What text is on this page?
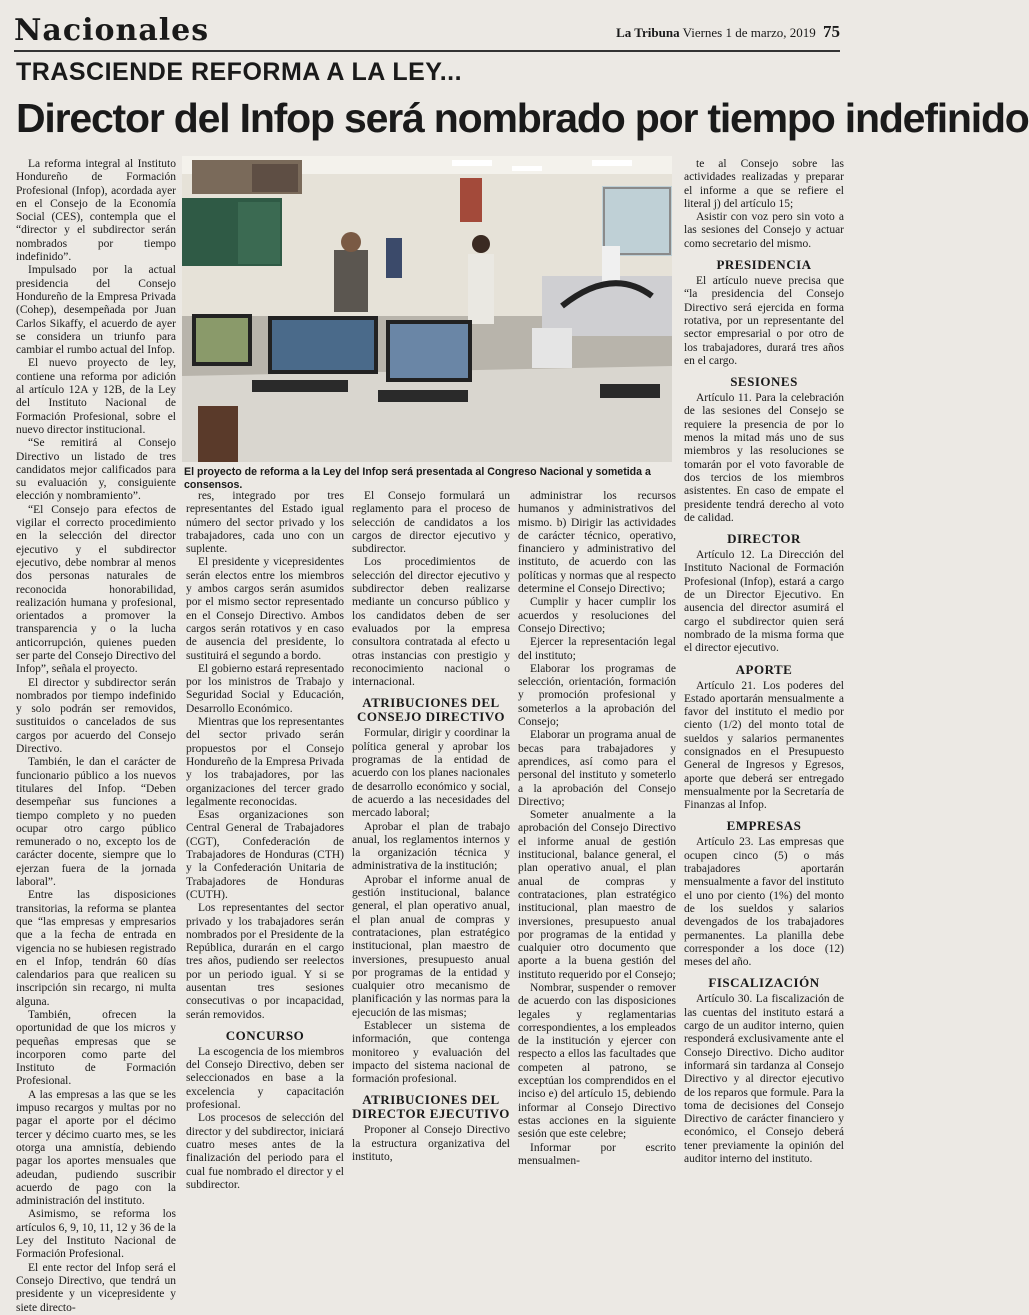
Nacionales	La Tribuna Viernes 1 de marzo, 2019 75
TRASCIENDE REFORMA A LA LEY...
Director del Infop será nombrado por tiempo indefinido

La reforma integral al Instituto Hondureño de Formación Profesional (Infop), acordada ayer en el Consejo de la Economía Social (CES), contempla que el “director y el subdirector serán nombrados por tiempo indefinido”.

Impulsado por la actual presidencia del Consejo Hondureño de la Empresa Privada (Cohep), desempeñada por Juan Carlos Sikaffy, el acuerdo de ayer se considera un triunfo para cambiar el rumbo actual del Infop.

El nuevo proyecto de ley, contiene una reforma por adición al artículo 12A y 12B, de la Ley del Instituto Nacional de Formación Profesional, sobre el nuevo director institucional.

“Se remitirá al Consejo Directivo un listado de tres candidatos mejor calificados para su evaluación y, consiguiente elección y nombramiento”.

“El Consejo para efectos de vigilar el correcto procedimiento en la selección del director ejecutivo y el subdirector ejecutivo, debe nombrar al menos dos personas naturales de reconocida honorabilidad, realización humana y profesional, orientados a promover la transparencia y o la lucha anticorrupción, quienes pueden ser parte del Consejo Directivo del Infop”, señala el proyecto.

El director y subdirector serán nombrados por tiempo indefinido y solo podrán ser removidos, sustituidos o cancelados de sus cargos por acuerdo del Consejo Directivo.

También, le dan el carácter de funcionario público a los nuevos titulares del Infop. “Deben desempeñar sus funciones a tiempo completo y no pueden ocupar otro cargo público remunerado o no, excepto los de carácter docente, siempre que lo ejerzan fuera de la jornada laboral”.

Entre las disposiciones transitorias, la reforma se plantea que “las empresas y empresarios que a la fecha de entrada en vigencia no se hubiesen registrado en el Infop, tendrán 60 días calendarios para que realicen su inscripción sin recargo, ni multa alguna.

También, ofrecen la oportunidad de que los micros y pequeñas empresas que se incorporen como parte del Instituto de Formación Profesional.

A las empresas a las que se les impuso recargos y multas por no pagar el aporte por el décimo tercer y décimo cuarto mes, se les otorga una amnistía, debiendo pagar los aportes mensuales que adeudan, pudiendo suscribir acuerdo de pago con la administración del instituto.

Asimismo, se reforma los artículos 6, 9, 10, 11, 12 y 36 de la Ley del Instituto Nacional de Formación Profesional.

El ente rector del Infop será el Consejo Directivo, que tendrá un presidente y un vicepresidente y siete directo-

El proyecto de reforma a la Ley del Infop será presentada al Congreso Nacional y sometida a consensos.

res, integrado por tres representantes del Estado igual número del sector privado y los trabajadores, cada uno con un suplente.

El presidente y vicepresidentes serán electos entre los miembros y ambos cargos serán asumidos por el mismo sector representado en el Consejo Directivo. Ambos cargos serán rotativos y en caso de ausencia del presidente, lo sustituirá el segundo a bordo.

El gobierno estará representado por los ministros de Trabajo y Seguridad Social y Educación, Desarrollo Económico.

Mientras que los representantes del sector privado serán propuestos por el Consejo Hondureño de la Empresa Privada y los trabajadores, por las organizaciones del tercer grado legalmente reconocidas.

Esas organizaciones son Central General de Trabajadores (CGT), Confederación de Trabajadores de Honduras (CTH) y la Confederación Unitaria de Trabajadores de Honduras (CUTH).

Los representantes del sector privado y los trabajadores serán nombrados por el Presidente de la República, durarán en el cargo tres años, pudiendo ser reelectos por un periodo igual. Y si se ausentan tres sesiones consecutivas o por incapacidad, serán removidos.

CONCURSO

La escogencia de los miembros del Consejo Directivo, deben ser seleccionados en base a la excelencia y capacitación profesional.

Los procesos de selección del director y del subdirector, iniciará cuatro meses antes de la finalización del periodo para el cual fue nombrado el director y el subdirector.

El Consejo formulará un reglamento para el proceso de selección de candidatos a los cargos de director ejecutivo y subdirector.

Los procedimientos de selección del director ejecutivo y subdirector deben realizarse mediante un concurso público y los candidatos deben de ser evaluados por la empresa consultora contratada al efecto u otras instancias con prestigio y reconocimiento nacional o internacional.

ATRIBUCIONES DEL CONSEJO DIRECTIVO

Formular, dirigir y coordinar la política general y aprobar los programas de la entidad de acuerdo con los planes nacionales de desarrollo económico y social, de acuerdo a las necesidades del mercado laboral;

Aprobar el plan de trabajo anual, los reglamentos internos y la organización técnica y administrativa de la institución;

Aprobar el informe anual de gestión institucional, balance general, el plan operativo anual, el plan anual de compras y contrataciones, plan estratégico institucional, plan maestro de inversiones, presupuesto anual por programas de la entidad y cualquier otro mecanismo de planificación y las normas para la ejecución de las mismas;

Establecer un sistema de información, que contenga monitoreo y evaluación del impacto del sistema nacional de formación profesional.

ATRIBUCIONES DEL DIRECTOR EJECUTIVO

Proponer al Consejo Directivo la estructura organizativa del instituto,

administrar los recursos humanos y administrativos del mismo. b) Dirigir las actividades de carácter técnico, operativo, financiero y administrativo del instituto, de acuerdo con las políticas y normas que al respecto determine el Consejo Directivo;

Cumplir y hacer cumplir los acuerdos y resoluciones del Consejo Directivo;

Ejercer la representación legal del instituto;

Elaborar los programas de selección, orientación, formación y promoción profesional y someterlos a la aprobación del Consejo;

Elaborar un programa anual de becas para trabajadores y aprendices, así como para el personal del instituto y someterlo a la aprobación del Consejo Directivo;

Someter anualmente a la aprobación del Consejo Directivo el informe anual de gestión institucional, balance general, el plan operativo anual, el plan anual de compras y contrataciones, plan estratégico institucional, plan maestro de inversiones, presupuesto anual por programas de la entidad y cualquier otro documento que aporte a la buena gestión del instituto requerido por el Consejo;

Nombrar, suspender o remover de acuerdo con las disposiciones legales y reglamentarias correspondientes, a los empleados de la institución y ejercer con respecto a ellos las facultades que competen al patrono, se exceptúan los comprendidos en el inciso e) del artículo 15, debiendo informar al Consejo Directivo estas acciones en la siguiente sesión que este celebre;

Informar por escrito mensualmen-

te al Consejo sobre las actividades realizadas y preparar el informe a que se refiere el literal j) del artículo 15;

Asistir con voz pero sin voto a las sesiones del Consejo y actuar como secretario del mismo.

PRESIDENCIA

El artículo nueve precisa que “la presidencia del Consejo Directivo será ejercida en forma rotativa, por un representante del sector empresarial o por otro de los trabajadores, durará tres años en el cargo.

SESIONES

Artículo 11. Para la celebración de las sesiones del Consejo se requiere la presencia de por lo menos la mitad más uno de sus miembros y las resoluciones se tomarán por el voto favorable de dos tercios de los miembros asistentes. En caso de empate el presidente tendrá derecho al voto de calidad.

DIRECTOR

Artículo 12. La Dirección del Instituto Nacional de Formación Profesional (Infop), estará a cargo de un Director Ejecutivo. En ausencia del director asumirá el cargo el subdirector quien será nombrado de la misma forma que el director ejecutivo.

APORTE

Artículo 21. Los poderes del Estado aportarán mensualmente a favor del instituto el medio por ciento (1/2) del monto total de sueldos y salarios permanentes consignados en el Presupuesto General de Ingresos y Egresos, aporte que deberá ser entregado mensualmente por la Secretaría de Finanzas al Infop.

EMPRESAS

Artículo 23. Las empresas que ocupen cinco (5) o más trabajadores aportarán mensualmente a favor del instituto el uno por ciento (1%) del monto de los sueldos y salarios devengados de los trabajadores permanentes. La planilla debe corresponder a los doce (12) meses del año.

FISCALIZACIÓN

Artículo 30. La fiscalización de las cuentas del instituto estará a cargo de un auditor interno, quien responderá exclusivamente ante el Consejo Directivo. Dicho auditor informará sin tardanza al Consejo Directivo y al director ejecutivo de los reparos que formule. Para la toma de decisiones del Consejo Directivo de carácter financiero y económico, el Consejo deberá tener previamente la opinión del auditor interno del instituto.
